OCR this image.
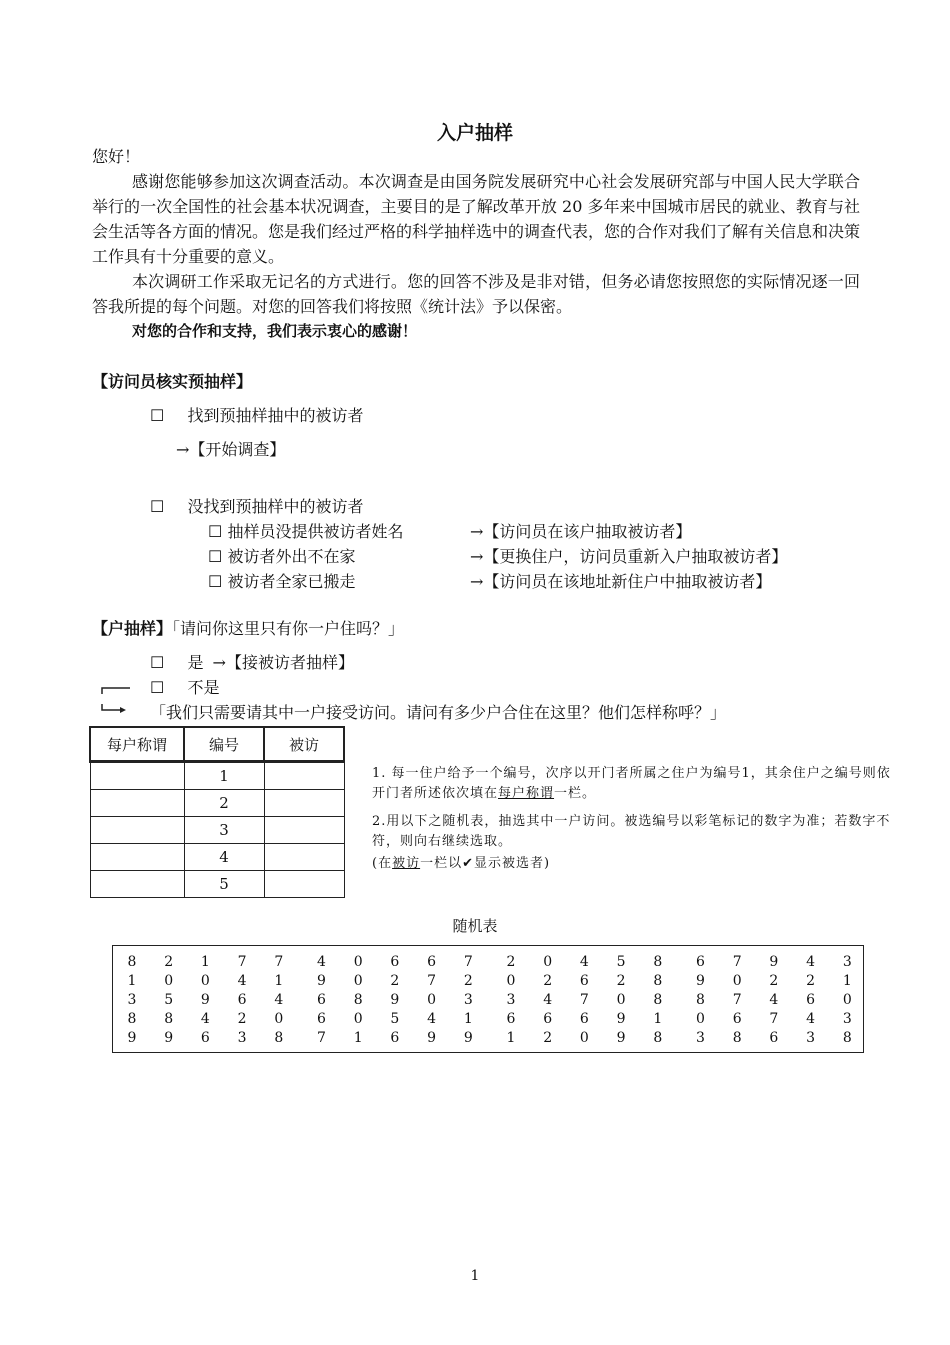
入户抽样
您好！
感谢您能够参加这次调查活动。本次调查是由国务院发展研究中心社会发展研究部与中国人民大学联合举行的一次全国性的社会基本状况调查，主要目的是了解改革开放 20 多年来中国城市居民的就业、教育与社会生活等各方面的情况。您是我们经过严格的科学抽样选中的调查代表，您的合作对我们了解有关信息和决策工作具有十分重要的意义。
本次调研工作采取无记名的方式进行。您的回答不涉及是非对错，但务必请您按照您的实际情况逐一回答我所提的每个问题。对您的回答我们将按照《统计法》予以保密。
对您的合作和支持，我们表示衷心的感谢！
【访问员核实预抽样】
☐ 找到预抽样抽中的被访者
→【开始调查】
☐ 没找到预抽样中的被访者
☐ 抽样员没提供被访者姓名	→【访问员在该户抽取被访者】
☐ 被访者外出不在家	→【更换住户，访问员重新入户抽取被访者】
☐ 被访者全家已搬走	→【访问员在该地址新住户中抽取被访者】
【户抽样】「请问你这里只有你一户住吗？」
☐ 是 →【接被访者抽样】
☐ 不是
「我们只需要请其中一户接受访问。请问有多少户合住在这里？他们怎样称呼？」
每户称谓	编号	被访
	1	
	2	
	3	
	4	
	5	
1. 每一住户给予一个编号，次序以开门者所属之住户为编号1，其余住户之编号则依开门者所述依次填在每户称谓一栏。
2.用以下之随机表，抽选其中一户访问。被选编号以彩笔标记的数字为准；若数字不符，则向右继续选取。
(在被访一栏以✔显示被选者)
随机表
8 2 1 7 7 4 0 6 6 7 2 0 4 5 8 6 7 9 4 3
1 0 0 4 1 9 0 2 7 2 0 2 6 2 8 9 0 2 2 1
3 5 9 6 4 6 8 9 0 3 3 4 7 0 8 8 7 4 6 0
8 8 4 2 0 6 0 5 4 1 6 6 6 9 1 0 6 7 4 3
9 9 6 3 8 7 1 6 9 9 1 2 0 9 8 3 8 6 3 8
1
